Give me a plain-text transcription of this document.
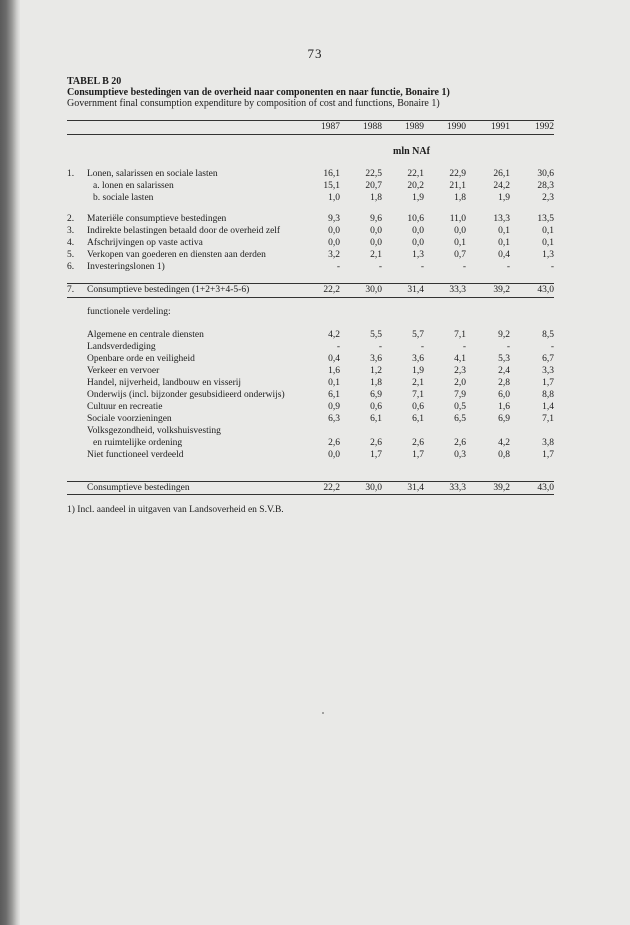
73
TABEL B 20
Consumptieve bestedingen van de overheid naar componenten en naar functie, Bonaire 1)
Government final consumption expenditure by composition of cost and functions, Bonaire 1)
1987	1988	1989	1990	1991	1992
mln NAf
1. Lonen, salarissen en sociale lasten	16,1	22,5	22,1	22,9	26,1	30,6
a. lonen en salarissen	15,1	20,7	20,2	21,1	24,2	28,3
b. sociale lasten	1,0	1,8	1,9	1,8	1,9	2,3
2. Materiële consumptieve bestedingen	9,3	9,6	10,6	11,0	13,3	13,5
3. Indirekte belastingen betaald door de overheid zelf	0,0	0,0	0,0	0,0	0,1	0,1
4. Afschrijvingen op vaste activa	0,0	0,0	0,0	0,1	0,1	0,1
5. Verkopen van goederen en diensten aan derden	3,2	2,1	1,3	0,7	0,4	1,3
6. Investeringslonen 1)	-	-	-	-	-	-
7. Consumptieve bestedingen (1+2+3+4-5-6)	22,2	30,0	31,4	33,3	39,2	43,0
functionele verdeling:
Algemene en centrale diensten	4,2	5,5	5,7	7,1	9,2	8,5
Landsverdediging	-	-	-	-	-	-
Openbare orde en veiligheid	0,4	3,6	3,6	4,1	5,3	6,7
Verkeer en vervoer	1,6	1,2	1,9	2,3	2,4	3,3
Handel, nijverheid, landbouw en visserij	0,1	1,8	2,1	2,0	2,8	1,7
Onderwijs (incl. bijzonder gesubsidieerd onderwijs)	6,1	6,9	7,1	7,9	6,0	8,8
Cultuur en recreatie	0,9	0,6	0,6	0,5	1,6	1,4
Sociale voorzieningen	6,3	6,1	6,1	6,5	6,9	7,1
Volksgezondheid, volkshuisvesting
en ruimtelijke ordening	2,6	2,6	2,6	2,6	4,2	3,8
Niet functioneel verdeeld	0,0	1,7	1,7	0,3	0,8	1,7
Consumptieve bestedingen	22,2	30,0	31,4	33,3	39,2	43,0
1) Incl. aandeel in uitgaven van Landsoverheid en S.V.B.
